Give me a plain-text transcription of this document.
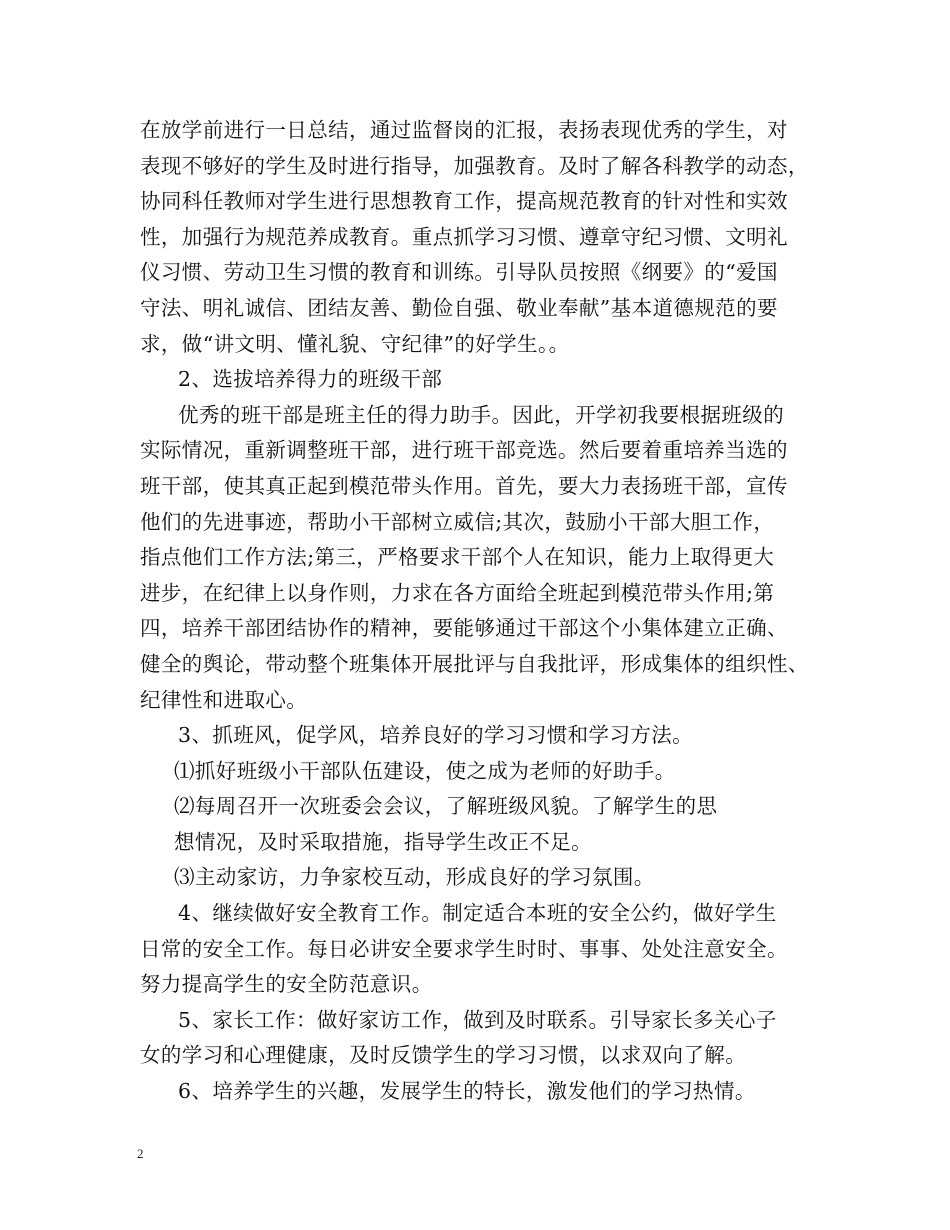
在放学前进行一日总结，通过监督岗的汇报，表扬表现优秀的学生，对
表现不够好的学生及时进行指导，加强教育。及时了解各科教学的动态，
协同科任教师对学生进行思想教育工作，提高规范教育的针对性和实效
性，加强行为规范养成教育。重点抓学习习惯、遵章守纪习惯、文明礼
仪习惯、劳动卫生习惯的教育和训练。引导队员按照《纲要》的“爱国
守法、明礼诚信、团结友善、勤俭自强、敬业奉献”基本道德规范的要
求，做“讲文明、懂礼貌、守纪律”的好学生。。
2、选拔培养得力的班级干部
优秀的班干部是班主任的得力助手。因此，开学初我要根据班级的
实际情况，重新调整班干部，进行班干部竞选。然后要着重培养当选的
班干部，使其真正起到模范带头作用。首先，要大力表扬班干部，宣传
他们的先进事迹，帮助小干部树立威信;其次，鼓励小干部大胆工作，
指点他们工作方法;第三，严格要求干部个人在知识，能力上取得更大
进步，在纪律上以身作则，力求在各方面给全班起到模范带头作用;第
四，培养干部团结协作的精神，要能够通过干部这个小集体建立正确、
健全的舆论，带动整个班集体开展批评与自我批评，形成集体的组织性、
纪律性和进取心。
3、抓班风，促学风，培养良好的学习习惯和学习方法。
⑴抓好班级小干部队伍建设，使之成为老师的好助手。
⑵每周召开一次班委会会议，了解班级风貌。了解学生的思
想情况，及时采取措施，指导学生改正不足。
⑶主动家访，力争家校互动，形成良好的学习氛围。
4、继续做好安全教育工作。制定适合本班的安全公约，做好学生
日常的安全工作。每日必讲安全要求学生时时、事事、处处注意安全。
努力提高学生的安全防范意识。
5、家长工作：做好家访工作，做到及时联系。引导家长多关心子
女的学习和心理健康，及时反馈学生的学习习惯，以求双向了解。
6、培养学生的兴趣，发展学生的特长，激发他们的学习热情。
2
